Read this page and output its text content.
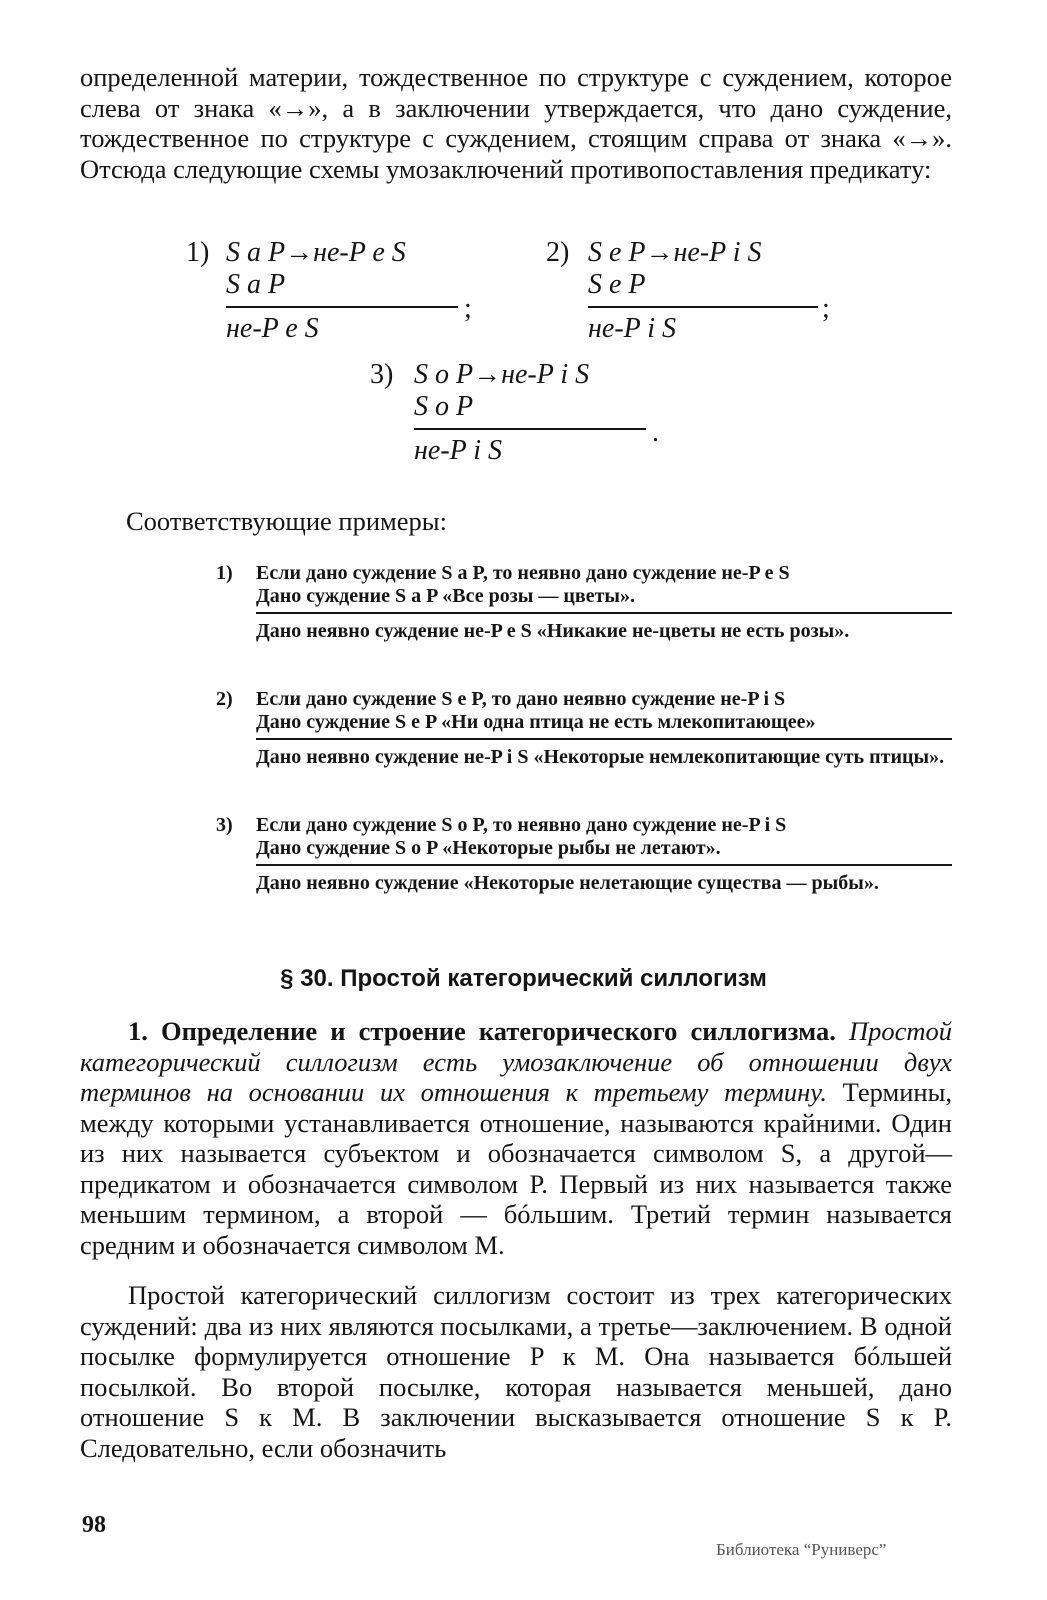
определенной материи, тождественное по структуре с суждением, которое слева от знака «→», а в заключении утверждается, что дано суждение, тождественное по структуре с суждением, стоящим справа от знака «→». Отсюда следующие схемы умозаключений противопоставления предикату:

1) S a P→не-P e S
S a P
;
не-P e S
2) S e P→не-P i S
S e P
;
не-P i S
3) S o P→не-P i S
S o P
.
не-P i S

Соответствующие примеры:

1) Если дано суждение S a P, то неявно дано суждение не-P e S
Дано суждение S a P «Все розы — цветы».
Дано неявно суждение не-P e S «Никакие не-цветы не есть розы».
2) Если дано суждение S e P, то дано неявно суждение не-P i S
Дано суждение S e P «Ни одна птица не есть млекопитающее»
Дано неявно суждение не-P i S «Некоторые немлекопитающие суть птицы».
3) Если дано суждение S o P, то неявно дано суждение не-P i S
Дано суждение S o P «Некоторые рыбы не летают».
Дано неявно суждение «Некоторые нелетающие существа — рыбы».
§ 30. Простой категорический силлогизм

1. Определение и строение категорического силлогизма. Простой категорический силлогизм есть умозаключение об отношении двух терминов на основании их отношения к третьему термину. Термины, между которыми устанавливается отношение, называются крайними. Один из них называется субъектом и обозначается символом S, а другой—предикатом и обозначается символом P. Первый из них называется также меньшим термином, а второй — бóльшим. Третий термин называется средним и обозначается символом M.

Простой категорический силлогизм состоит из трех категорических суждений: два из них являются посылками, а третье—заключением. В одной посылке формулируется отношение P к M. Она называется бóльшей посылкой. Во второй посылке, которая называется меньшей, дано отношение S к M. В заключении высказывается отношение S к P. Следовательно, если обозначить

98
Библиотека “Руниверс”
